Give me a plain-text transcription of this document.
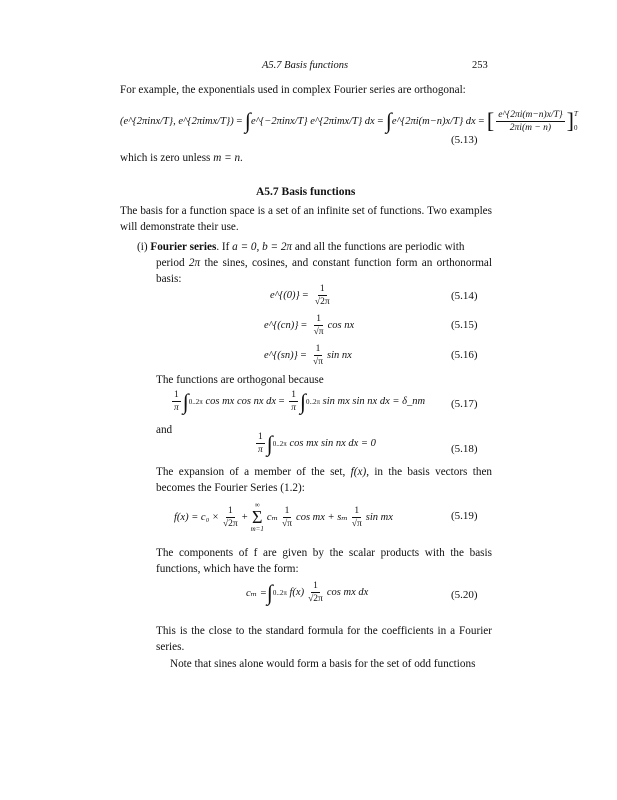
A5.7 Basis functions	253
For example, the exponentials used in complex Fourier series are orthogonal:
(e^{2πinx/T}, e^{2πimx/T}) = ∫ e^{−2πinx/T} e^{2πimx/T} dx = ∫ e^{2πi(m−n)x/T} dx = [ $\frac{e\^{}\{2\pi i(m-n)x/T\}}{2\pi i(m - n)}$ ] T
0
(5.13)
which is zero unless m = n.
A5.7 Basis functions
The basis for a function space is a set of an infinite set of functions. Two examples will demonstrate their use.
(i) Fourier series. If a = 0, b = 2π and all the functions are periodic with
period 2π the sines, cosines, and constant function form an orthonormal basis:
e^{(0)} = $\frac{1}{√2\pi}$	(5.14)
e^{(cn)} = $\frac{1}{√\pi}$ cos nx	(5.15)
e^{(sn)} = $\frac{1}{√\pi}$ sin nx	(5.16)
The functions are orthogonal because
$\frac{1}{\pi}$ ∫ 0..2π
cos mx cos nx dx = $\frac{1}{\pi}$ ∫ 0..2π
sin mx sin nx dx = δ_nm (5.17)
and
$\frac{1}{\pi}$ ∫ 0..2π
cos mx sin nx dx = 0	(5.18)
The expansion of a member of the set, f(x), in the basis vectors then becomes the Fourier Series (1.2):
$f(x) = c_0 \times \frac{1}{√2\pi}$ +
∞
Σ
m=1
cₘ $\frac{1}{√\pi}$ cos mx + sₘ $\frac{1}{√\pi}$ sin mx	(5.19)
The components of f are given by the scalar products with the basis functions, which have the form:
cₘ = ∫ 0..2π
$f(x) \frac{1}{√2\pi}$ cos mx dx	(5.20)
This is the close to the standard formula for the coefficients in a Fourier series.
Note that sines alone would form a basis for the set of odd functions
